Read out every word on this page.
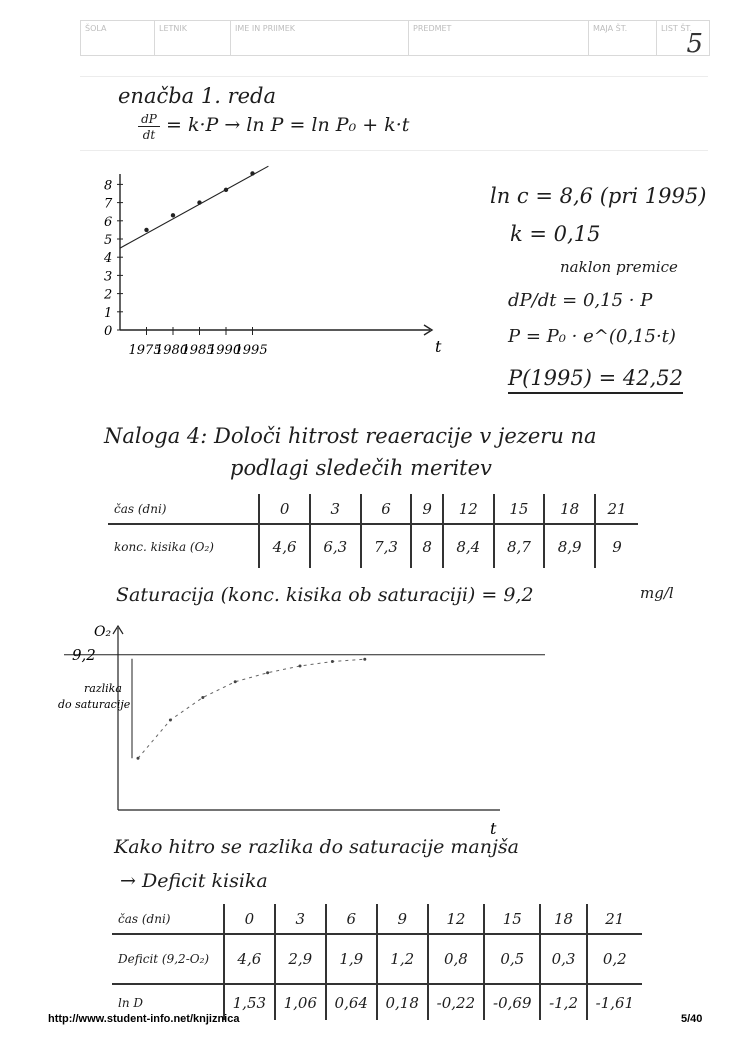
ŠOLA	LETNIK	IME IN PRIIMEK	PREDMET	MAJA ŠT.	LIST ŠT.
5
enačba 1. reda
dP
dt = k·P → ln P = ln P₀ + k·t
0
1
2
3
4
5
6
7
8
1975
1980
1985
1990
1995	t
ln c = 8,6 (pri 1995)
k = 0,15
naklon premice
dP/dt = 0,15 · P
P = P₀ · e^(0,15·t)
P(1995) = 42,52
Naloga 4: Določi hitrost reaeracije v jezeru na
podlagi sledečih meritev
čas (dni)	0	3	6	9	12	15	18	21
konc. kisika (O₂)	4,6	6,3	7,3	8	8,4	8,7	8,9	9
Saturacija (konc. kisika ob saturaciji) = 9,2	mg/l
O₂
9,2
razlika
do saturacije
t
Kako hitro se razlika do saturacije manjša
→ Deficit kisika
čas (dni)	0	3	6	9	12	15	18	21
Deficit (9,2-O₂)	4,6	2,9	1,9	1,2	0,8	0,5	0,3	0,2
ln D	1,53	1,06	0,64	0,18	-0,22	-0,69	-1,2	-1,61
http://www.student-info.net/knjiznica	5/40
